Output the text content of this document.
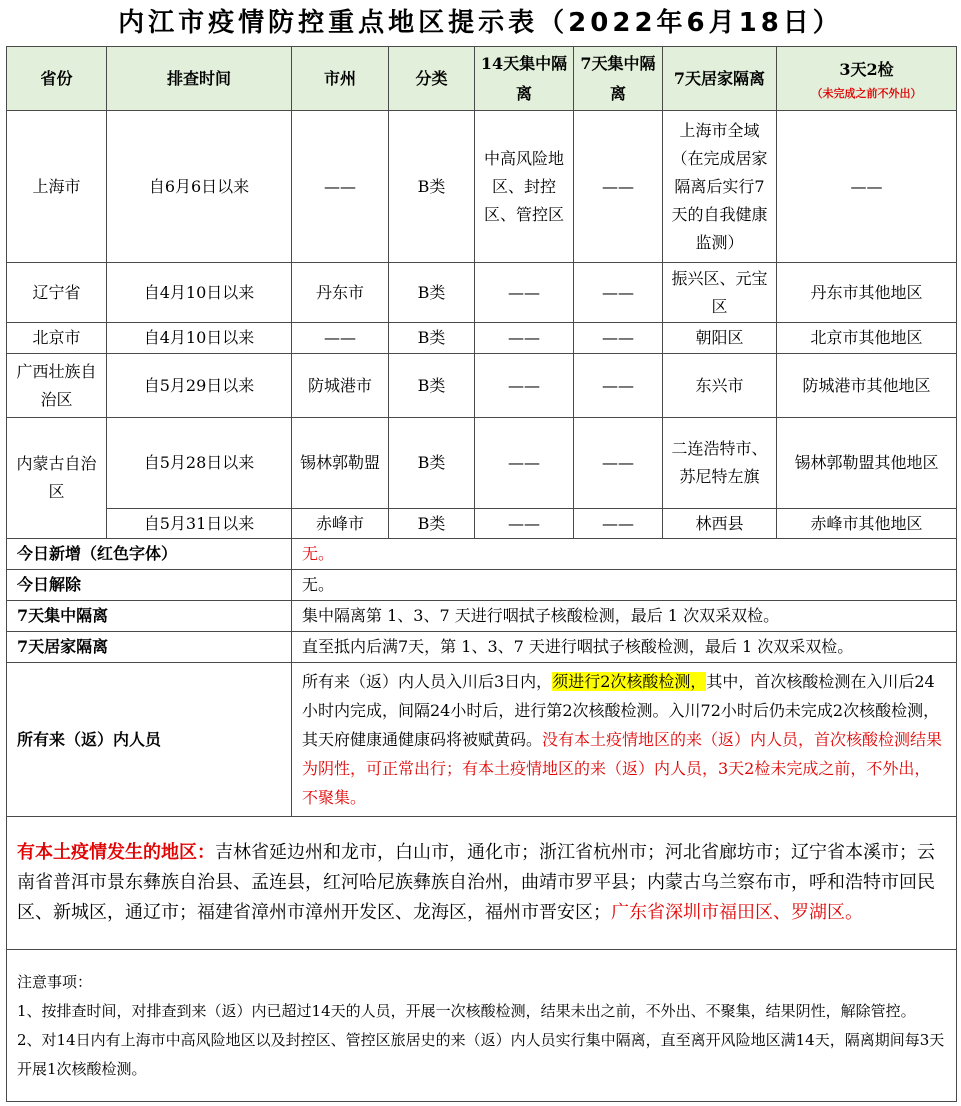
内江市疫情防控重点地区提示表（2022年6月18日）
省份	排查时间	市州	分类	14天集中隔离	7天集中隔离	7天居家隔离	3天2检
（未完成之前不外出）

上海市	自6月6日以来	——	B类	中高风险地区、封控区、管控区	——	上海市全域（在完成居家隔离后实行7天的自我健康监测）	——
辽宁省	自4月10日以来	丹东市	B类	——	——	振兴区、元宝区	丹东市其他地区
北京市	自4月10日以来	——	B类	——	——	朝阳区	北京市其他地区
广西壮族自治区	自5月29日以来	防城港市	B类	——	——	东兴市	防城港市其他地区
内蒙古自治区	自5月28日以来	锡林郭勒盟	B类	——	——	二连浩特市、苏尼特左旗	锡林郭勒盟其他地区
	自5月31日以来	赤峰市	B类	——	——	林西县	赤峰市其他地区
今日新增（红色字体）		无。					
今日解除		无。					
7天集中隔离		集中隔离第 1、3、7 天进行咽拭子核酸检测，最后 1 次双采双检。					
7天居家隔离		直至抵内后满7天，第 1、3、7 天进行咽拭子核酸检测，最后 1 次双采双检。					
所有来（返）内人员		所有来（返）内人员入川后3日内，须进行2次核酸检测，其中，首次核酸检测在入川后24小时内完成，间隔24小时后，进行第2次核酸检测。入川72小时后仍未完成2次核酸检测，其天府健康通健康码将被赋黄码。没有本土疫情地区的来（返）内人员，首次核酸检测结果为阴性，可正常出行；有本土疫情地区的来（返）内人员，3天2检未完成之前，不外出，不聚集。					
有本土疫情发生的地区：吉林省延边州和龙市，白山市，通化市；浙江省杭州市；河北省廊坊市；辽宁省本溪市；云南省普洱市景东彝族自治县、孟连县，红河哈尼族彝族自治州，曲靖市罗平县；内蒙古乌兰察布市，呼和浩特市回民区、新城区，通辽市；福建省漳州市漳州开发区、龙海区，福州市晋安区；广东省深圳市福田区、罗湖区。							

注意事项：
1、按排查时间，对排查到来（返）内已超过14天的人员，开展一次核酸检测，结果未出之前，不外出、不聚集，结果阴性，解除管控。
2、对14日内有上海市中高风险地区以及封控区、管控区旅居史的来（返）内人员实行集中隔离，直至离开风险地区满14天，隔离期间每3天开展1次核酸检测。							
